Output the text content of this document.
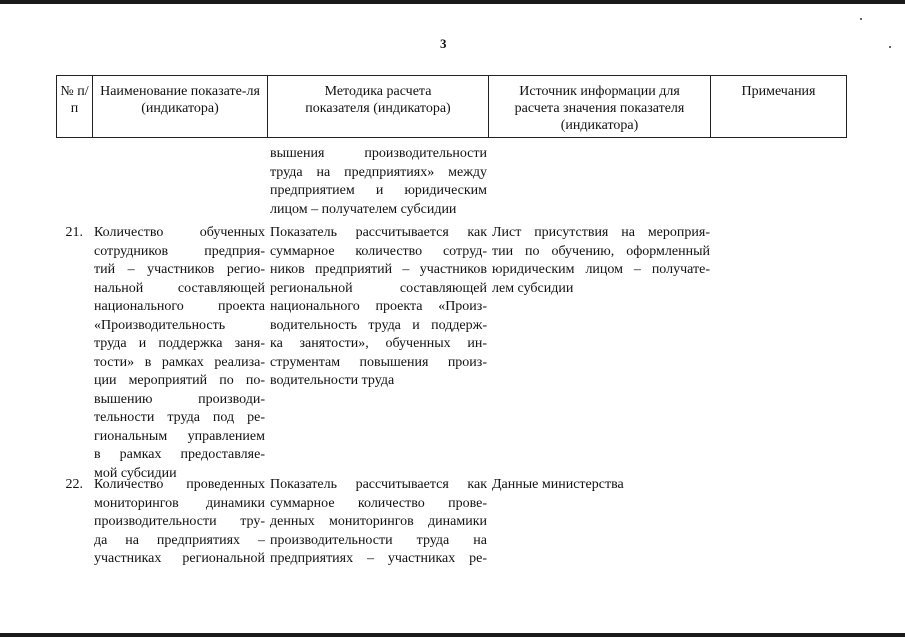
3
№ п/п
Наименование показате-ля (индикатора)
Методика расчета показателя (индикатора)
Источник информации для расчета значения показателя (индикатора)
Примечания
вышения производительности
труда на предприятиях» между
предприятием и юридическим
лицом – получателем субсидии
21. Количество обученных
сотрудников предприя-
тий – участников регио-
нальной составляющей
национального проекта
«Производительность
труда и поддержка заня-
тости» в рамках реализа-
ции мероприятий по по-
вышению производи-
тельности труда под ре-
гиональным управлением
в рамках предоставляе-
мой субсидии
Показатель рассчитывается как
суммарное количество сотруд-
ников предприятий – участников
региональной составляющей
национального проекта «Произ-
водительность труда и поддерж-
ка занятости», обученных ин-
струментам повышения произ-
водительности труда
Лист присутствия на мероприя-
тии по обучению, оформленный
юридическим лицом – получате-
лем субсидии
22. Количество проведенных
мониторингов динамики
производительности тру-
да на предприятиях –
участниках региональной
Показатель рассчитывается как
суммарное количество прове-
денных мониторингов динамики
производительности труда на
предприятиях – участниках ре-
Данные министерства
